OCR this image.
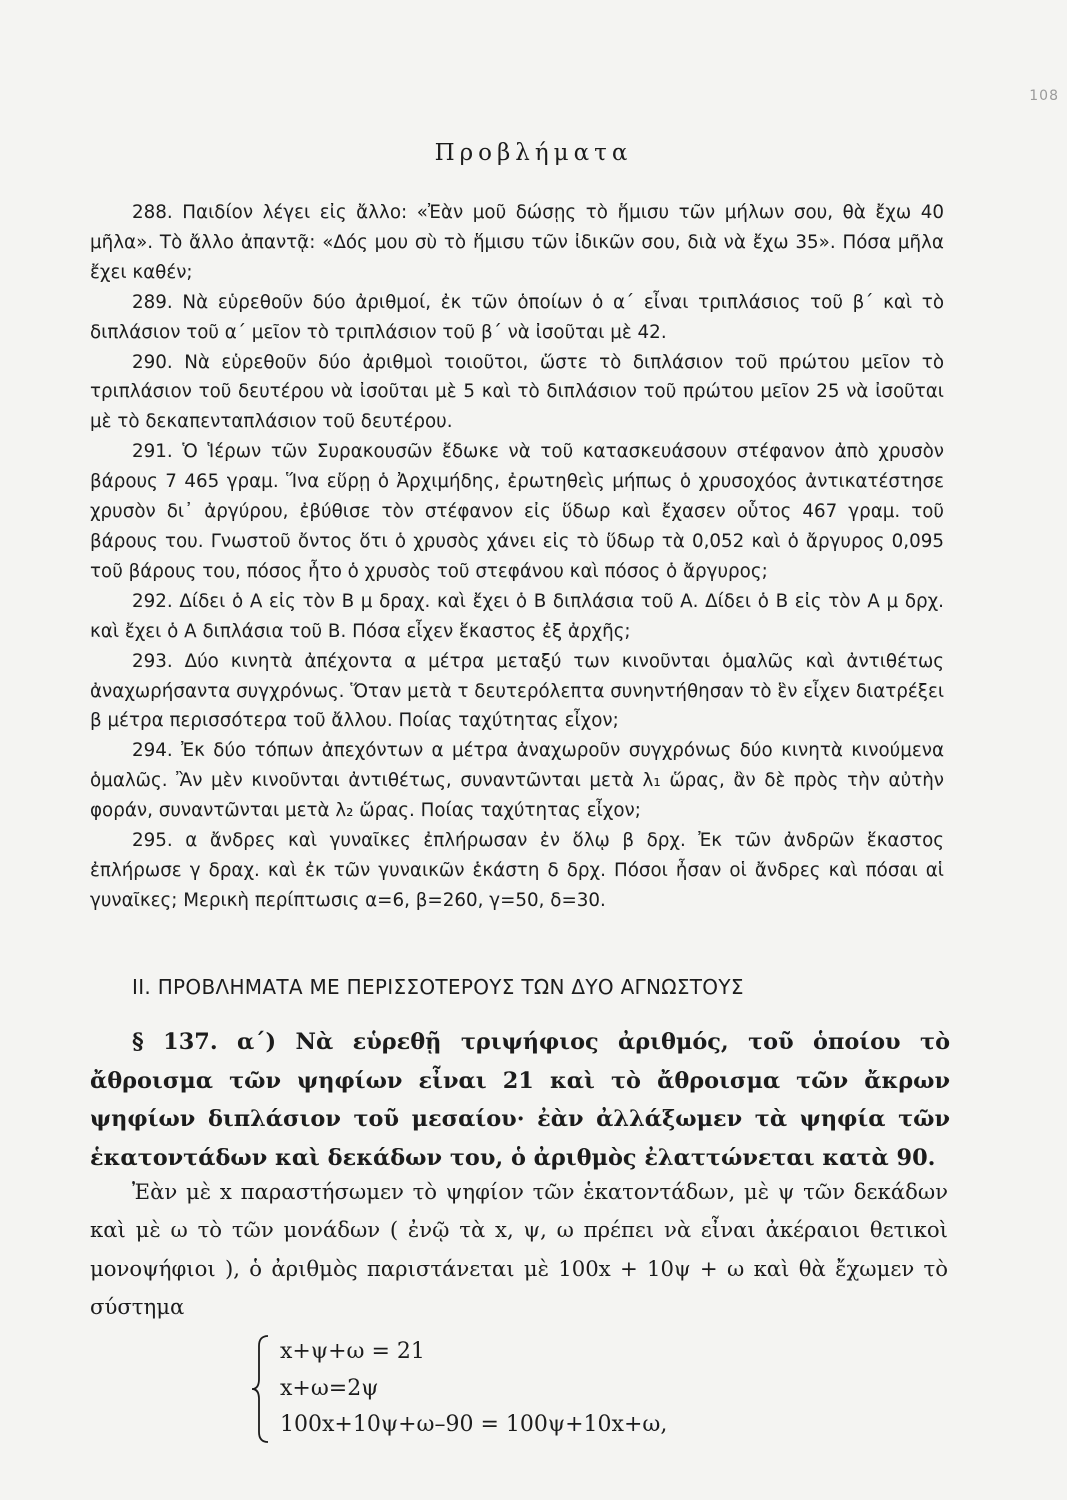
108
Προβλήματα

288. Παιδίον λέγει εἰς ἄλλο: «Ἐὰν μοῦ δώσῃς τὸ ἥμισυ τῶν μήλων σου, θὰ ἔχω 40 μῆλα». Τὸ ἄλλο ἀπαντᾷ: «Δός μου σὺ τὸ ἥμισυ τῶν ἰδικῶν σου, διὰ νὰ ἔχω 35». Πόσα μῆλα ἔχει καθέν;

289. Νὰ εὑρεθοῦν δύο ἀριθμοί, ἐκ τῶν ὁποίων ὁ α΄ εἶναι τριπλάσιος τοῦ β΄ καὶ τὸ διπλάσιον τοῦ α΄ μεῖον τὸ τριπλάσιον τοῦ β΄ νὰ ἰσοῦται μὲ 42.

290. Νὰ εὑρεθοῦν δύο ἀριθμοὶ τοιοῦτοι, ὥστε τὸ διπλάσιον τοῦ πρώτου μεῖον τὸ τριπλάσιον τοῦ δευτέρου νὰ ἰσοῦται μὲ 5 καὶ τὸ διπλάσιον τοῦ πρώτου μεῖον 25 νὰ ἰσοῦται μὲ τὸ δεκαπενταπλάσιον τοῦ δευτέρου.

291. Ὁ Ἱέρων τῶν Συρακουσῶν ἔδωκε νὰ τοῦ κατασκευάσουν στέφανον ἀπὸ χρυσὸν βάρους 7 465 γραμ. Ἵνα εὕρῃ ὁ Ἀρχιμήδης, ἐρωτηθεὶς μήπως ὁ χρυσοχόος ἀντικατέστησε χρυσὸν δι᾽ ἀργύρου, ἐβύθισε τὸν στέφανον εἰς ὕδωρ καὶ ἔχασεν οὗτος 467 γραμ. τοῦ βάρους του. Γνωστοῦ ὄντος ὅτι ὁ χρυσὸς χάνει εἰς τὸ ὕδωρ τὰ 0,052 καὶ ὁ ἄργυρος 0,095 τοῦ βάρους του, πόσος ἦτο ὁ χρυσὸς τοῦ στεφάνου καὶ πόσος ὁ ἄργυρος;

292. Δίδει ὁ Α εἰς τὸν Β μ δραχ. καὶ ἔχει ὁ Β διπλάσια τοῦ Α. Δίδει ὁ Β εἰς τὸν Α μ δρχ. καὶ ἔχει ὁ Α διπλάσια τοῦ Β. Πόσα εἶχεν ἕκαστος ἐξ ἀρχῆς;

293. Δύο κινητὰ ἀπέχοντα α μέτρα μεταξύ των κινοῦνται ὁμαλῶς καὶ ἀντιθέτως ἀναχωρήσαντα συγχρόνως. Ὅταν μετὰ τ δευτερόλεπτα συνηντήθησαν τὸ ἓν εἶχεν διατρέξει β μέτρα περισσότερα τοῦ ἄλλου. Ποίας ταχύτητας εἶχον;

294. Ἐκ δύο τόπων ἀπεχόντων α μέτρα ἀναχωροῦν συγχρόνως δύο κινητὰ κινούμενα ὁμαλῶς. Ἂν μὲν κινοῦνται ἀντιθέτως, συναντῶνται μετὰ λ₁ ὥρας, ἂν δὲ πρὸς τὴν αὐτὴν φοράν, συναντῶνται μετὰ λ₂ ὥρας. Ποίας ταχύτητας εἶχον;

295. α ἄνδρες καὶ γυναῖκες ἐπλήρωσαν ἐν ὅλῳ β δρχ. Ἐκ τῶν ἀνδρῶν ἕκαστος ἐπλήρωσε γ δραχ. καὶ ἐκ τῶν γυναικῶν ἑκάστη δ δρχ. Πόσοι ἦσαν οἱ ἄνδρες καὶ πόσαι αἱ γυναῖκες; Μερικὴ περίπτωσις α=6, β=260, γ=50, δ=30.

II. ΠΡΟΒΛΗΜΑΤΑ ΜΕ ΠΕΡΙΣΣΟΤΕΡΟΥΣ ΤΩΝ ΔΥΟ ΑΓΝΩΣΤΟΥΣ
§ 137. α΄) Νὰ εὑρεθῇ τριψήφιος ἀριθμός, τοῦ ὁποίου τὸ ἄθροισμα τῶν ψηφίων εἶναι 21 καὶ τὸ ἄθροισμα τῶν ἄκρων ψηφίων διπλάσιον τοῦ μεσαίου· ἐὰν ἀλλάξωμεν τὰ ψηφία τῶν ἑκατοντάδων καὶ δεκάδων του, ὁ ἀριθμὸς ἐλαττώνεται κατὰ 90.

Ἐὰν μὲ x παραστήσωμεν τὸ ψηφίον τῶν ἑκατοντάδων, μὲ ψ τῶν δεκάδων καὶ μὲ ω τὸ τῶν μονάδων ( ἐνῷ τὰ x, ψ, ω πρέπει νὰ εἶναι ἀκέραιοι θετικοὶ μονοψήφιοι ), ὁ ἀριθμὸς παριστάνεται μὲ 100x + 10ψ + ω καὶ θὰ ἔχωμεν τὸ σύστημα

x+ψ+ω = 21
x+ω=2ψ
100x+10ψ+ω–90 = 100ψ+10x+ω,
